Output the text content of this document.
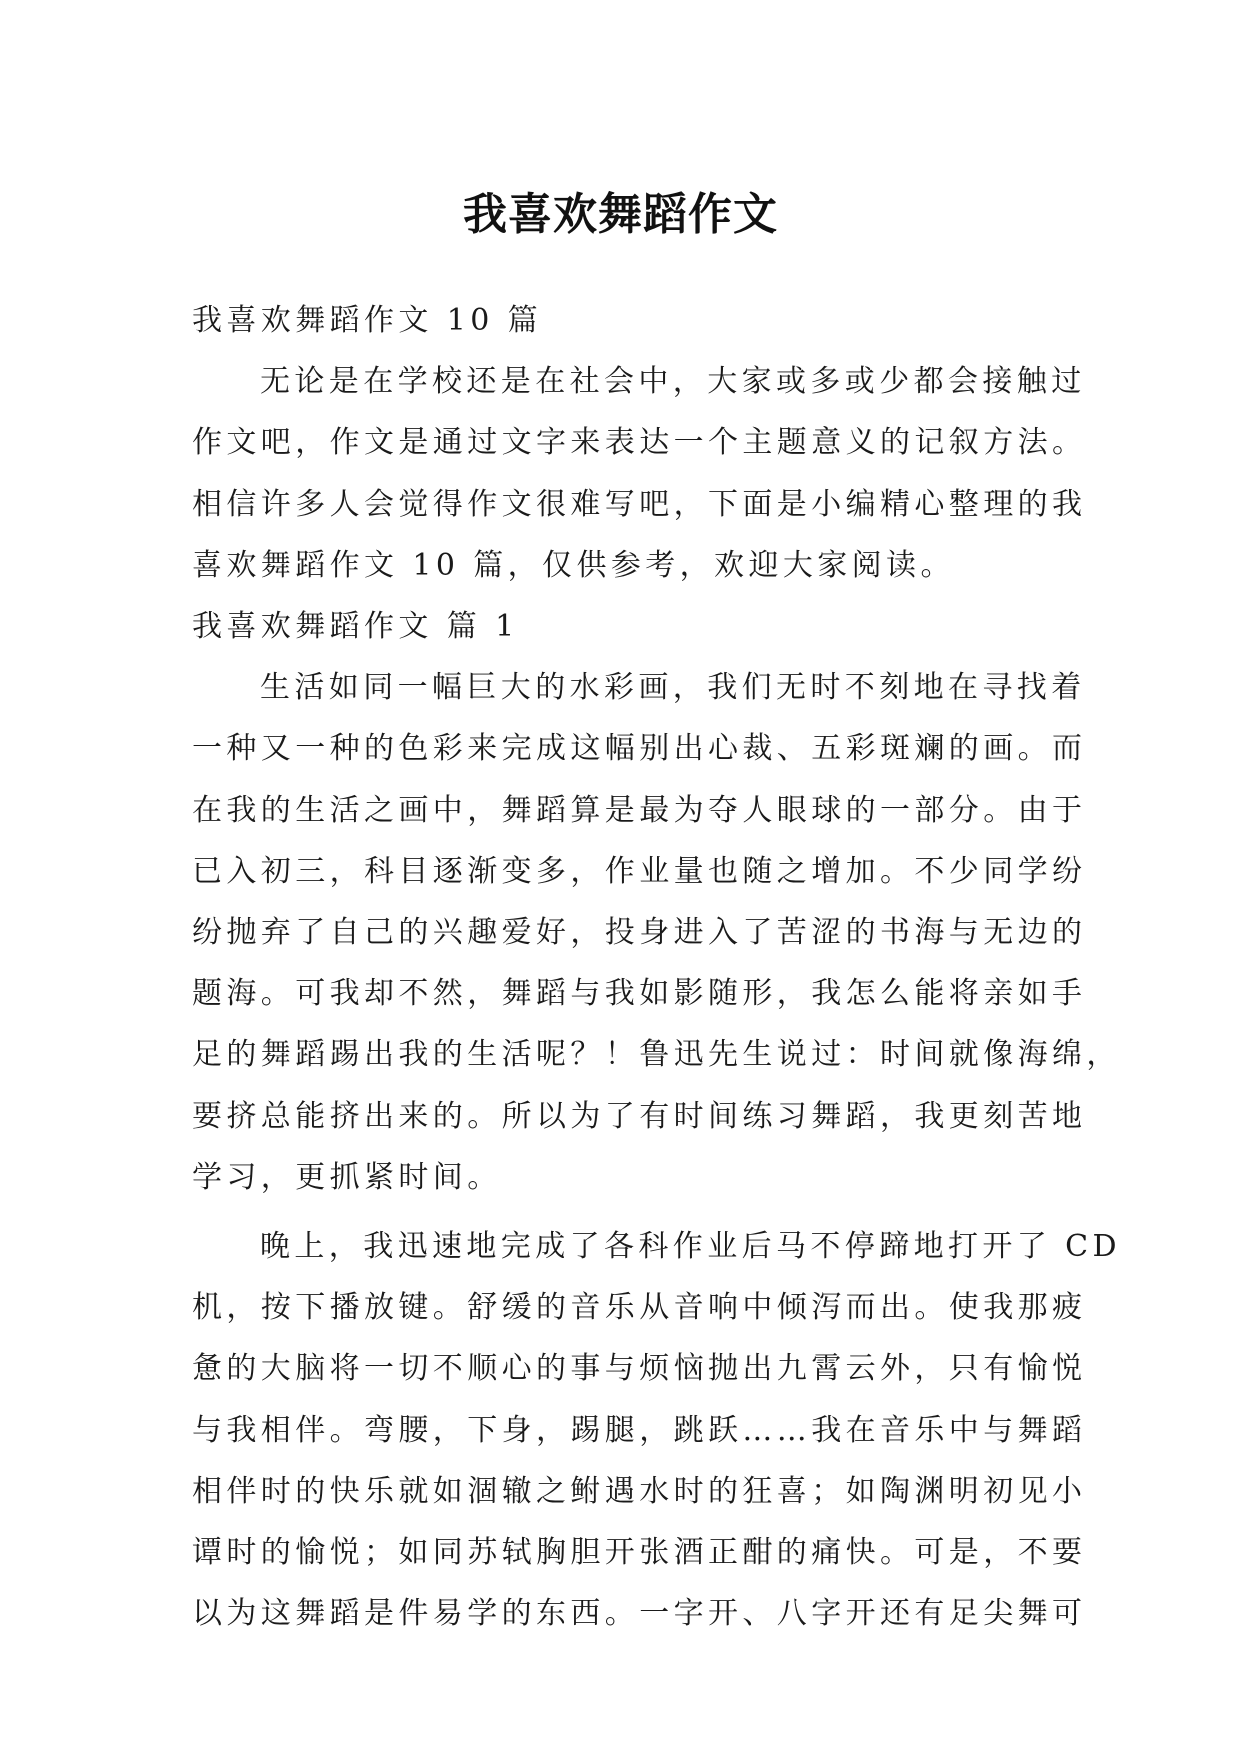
我喜欢舞蹈作文

我喜欢舞蹈作文 10 篇

无论是在学校还是在社会中，大家或多或少都会接触过
作文吧，作文是通过文字来表达一个主题意义的记叙方法。
相信许多人会觉得作文很难写吧，下面是小编精心整理的我
喜欢舞蹈作文 10 篇，仅供参考，欢迎大家阅读。

我喜欢舞蹈作文 篇 1

生活如同一幅巨大的水彩画，我们无时不刻地在寻找着
一种又一种的色彩来完成这幅别出心裁、五彩斑斓的画。而
在我的生活之画中，舞蹈算是最为夺人眼球的一部分。由于
已入初三，科目逐渐变多，作业量也随之增加。不少同学纷
纷抛弃了自己的兴趣爱好，投身进入了苦涩的书海与无边的
题海。可我却不然，舞蹈与我如影随形，我怎么能将亲如手
足的舞蹈踢出我的生活呢？！鲁迅先生说过：时间就像海绵，
要挤总能挤出来的。所以为了有时间练习舞蹈，我更刻苦地
学习，更抓紧时间。

晚上，我迅速地完成了各科作业后马不停蹄地打开了 CD
机，按下播放键。舒缓的音乐从音响中倾泻而出。使我那疲
惫的大脑将一切不顺心的事与烦恼抛出九霄云外，只有愉悦
与我相伴。弯腰，下身，踢腿，跳跃……我在音乐中与舞蹈
相伴时的快乐就如涸辙之鲋遇水时的狂喜；如陶渊明初见小
谭时的愉悦；如同苏轼胸胆开张酒正酣的痛快。可是，不要
以为这舞蹈是件易学的东西。一字开、八字开还有足尖舞可
